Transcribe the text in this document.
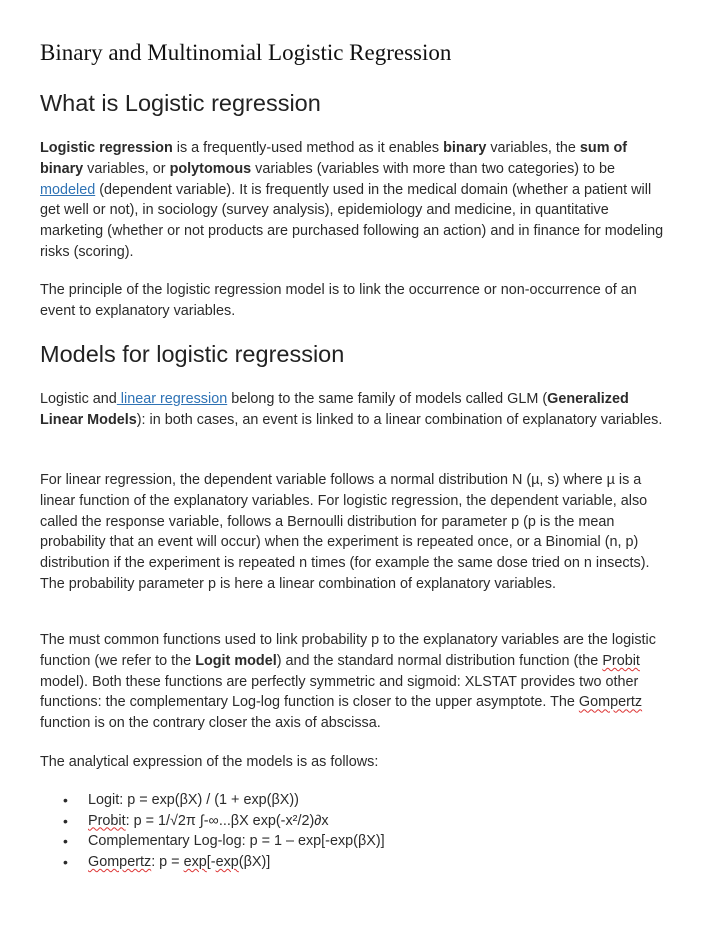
Binary and Multinomial Logistic Regression
What is Logistic regression

Logistic regression is a frequently-used method as it enables binary variables, the sum of binary variables, or polytomous variables (variables with more than two categories) to be modeled (dependent variable). It is frequently used in the medical domain (whether a patient will get well or not), in sociology (survey analysis), epidemiology and medicine, in quantitative marketing (whether or not products are purchased following an action) and in finance for modeling risks (scoring).

The principle of the logistic regression model is to link the occurrence or non-occurrence of an event to explanatory variables.

Models for logistic regression

Logistic and linear regression belong to the same family of models called GLM (Generalized Linear Models): in both cases, an event is linked to a linear combination of explanatory variables.

For linear regression, the dependent variable follows a normal distribution N (µ, s) where µ is a linear function of the explanatory variables. For logistic regression, the dependent variable, also called the response variable, follows a Bernoulli distribution for parameter p (p is the mean probability that an event will occur) when the experiment is repeated once, or a Binomial (n, p) distribution if the experiment is repeated n times (for example the same dose tried on n insects). The probability parameter p is here a linear combination of explanatory variables.

The must common functions used to link probability p to the explanatory variables are the logistic function (we refer to the Logit model) and the standard normal distribution function (the Probit model). Both these functions are perfectly symmetric and sigmoid: XLSTAT provides two other functions: the complementary Log-log function is closer to the upper asymptote. The Gompertz function is on the contrary closer the axis of abscissa.

The analytical expression of the models is as follows:

• Logit: p = exp(βX) / (1 + exp(βX))
• Probit: p = 1/√2π ∫-∞...βX exp(-x²/2)∂x
• Complementary Log-log: p = 1 – exp[-exp(βX)]
• Gompertz: p = exp[-exp(βX)]
